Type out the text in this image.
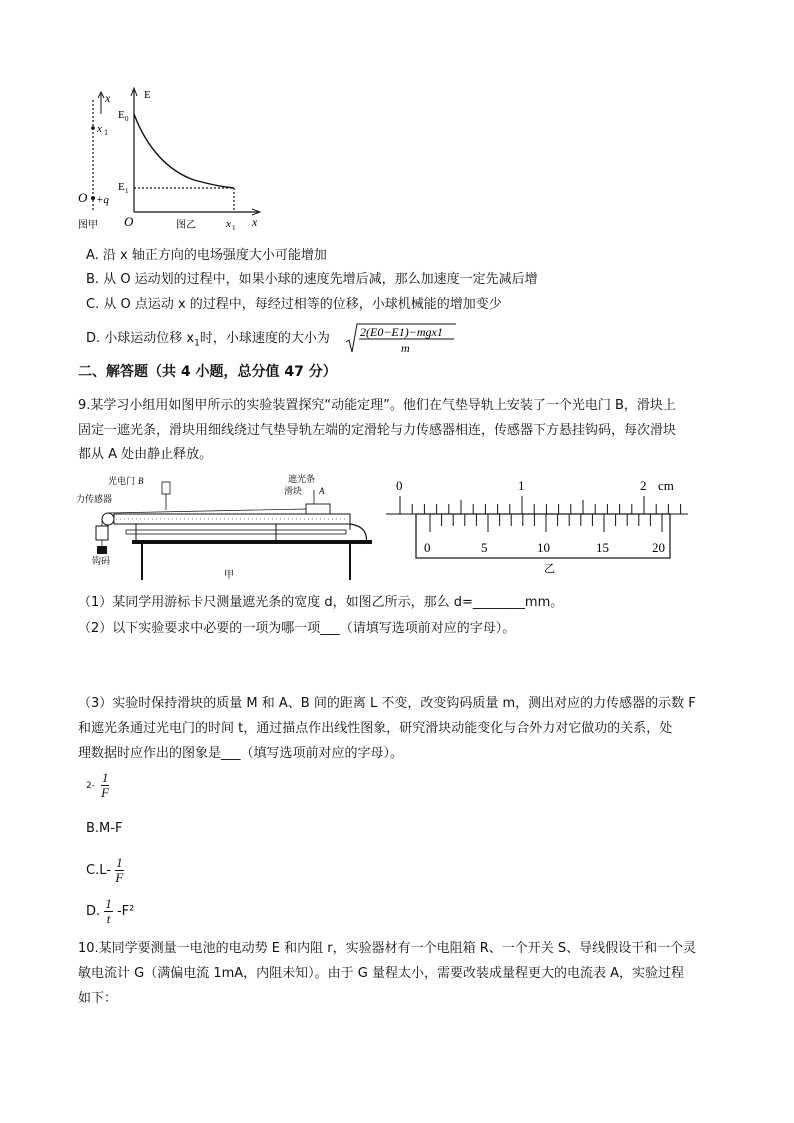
x
x 1
O +q
图甲
E
x
E 0
E 1
O	x 1
图乙
A. 沿 x 轴正方向的电场强度大小可能增加
B. 从 O 运动划的过程中，如果小球的速度先增后减，那么加速度一定先减后增
C. 从 O 点运动 x 的过程中，每经过相等的位移，小球机械能的增加变少
D. 小球运动位移 $x_1$时，小球速度的大小为	2(E0−E1)−mgx1
m
二、解答题（共 4 小题，总分值 47 分）
9.某学习小组用如图甲所示的实验装置探究“动能定理”。他们在气垫导轨上安装了一个光电门 B，滑块上
固定一遮光条，滑块用细线绕过气垫导轨左端的定滑轮与力传感器相连，传感器下方悬挂钩码，每次滑块
都从 A 处由静止释放。
光电门 B	遮光条
滑块 A
力传感器
钩码
甲
0	1	2 cm
0	5	10	15	20
乙
（1）某同学用游标卡尺测量遮光条的宽度 d，如图乙所示，那么 d=________mm。
（2）以下实验要求中必要的一项为哪一项___（请填写选项前对应的字母）。
（3）实验时保持滑块的质量 M 和 A、B 间的距离 L 不变，改变钩码质量 m，测出对应的力传感器的示数 F
和遮光条通过光电门的时间 t，通过描点作出线性图象，研究滑块动能变化与合外力对它做功的关系，处
理数据时应作出的图象是___（填写选项前对应的字母）。
$2- \frac{1}{F}$
B.M-F
$C.L- \frac{1}{F}$
D. $\frac{1}{t} -F^2$
10.某同学要测量一电池的电动势 E 和内阻 r，实验器材有一个电阻箱 R、一个开关 S、导线假设干和一个灵
敏电流计 G（满偏电流 1mA，内阻未知）。由于 G 量程太小，需要改装成量程更大的电流表 A，实验过程
如下：
